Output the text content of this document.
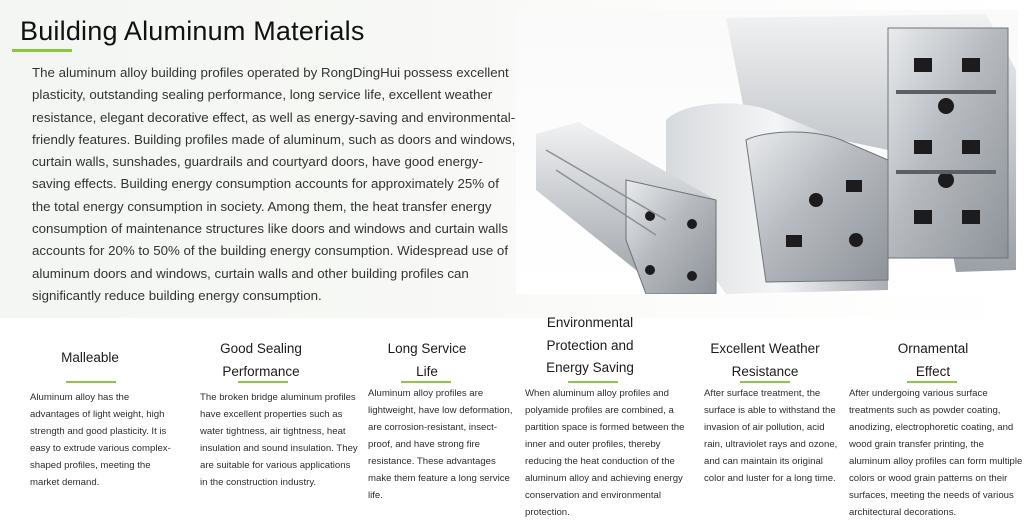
Building Aluminum Materials
The aluminum alloy building profiles operated by RongDingHui possess excellent plasticity, outstanding sealing performance, long service life, excellent weather resistance, elegant decorative effect, as well as energy-saving and environmental-friendly features. Building profiles made of aluminum, such as doors and windows, curtain walls, sunshades, guardrails and courtyard doors, have good energy-saving effects. Building energy consumption accounts for approximately 25% of the total energy consumption in society. Among them, the heat transfer energy consumption of maintenance structures like doors and windows and curtain walls accounts for 20% to 50% of the building energy consumption. Widespread use of aluminum doors and windows, curtain walls and other building profiles can significantly reduce building energy consumption.
Malleable
Aluminum alloy has the advantages of light weight, high strength and good plasticity. It is easy to extrude various complex-shaped profiles, meeting the market demand.
Good Sealing Performance
The broken bridge aluminum profiles have excellent properties such as water tightness, air tightness, heat insulation and sound insulation. They are suitable for various applications in the construction industry.
Long Service Life
Aluminum alloy profiles are lightweight, have low deformation, are corrosion-resistant, insect-proof, and have strong fire resistance. These advantages make them feature a long service life.
Environmental Protection and Energy Saving
When aluminum alloy profiles and polyamide profiles are combined, a partition space is formed between the inner and outer profiles, thereby reducing the heat conduction of the aluminum alloy and achieving energy conservation and environmental protection.
Excellent Weather Resistance
After surface treatment, the surface is able to withstand the invasion of air pollution, acid rain, ultraviolet rays and ozone, and can maintain its original color and luster for a long time.
Ornamental Effect
After undergoing various surface treatments such as powder coating, anodizing, electrophoretic coating, and wood grain transfer printing, the aluminum alloy profiles can form multiple colors or wood grain patterns on their surfaces, meeting the needs of various architectural decorations.
